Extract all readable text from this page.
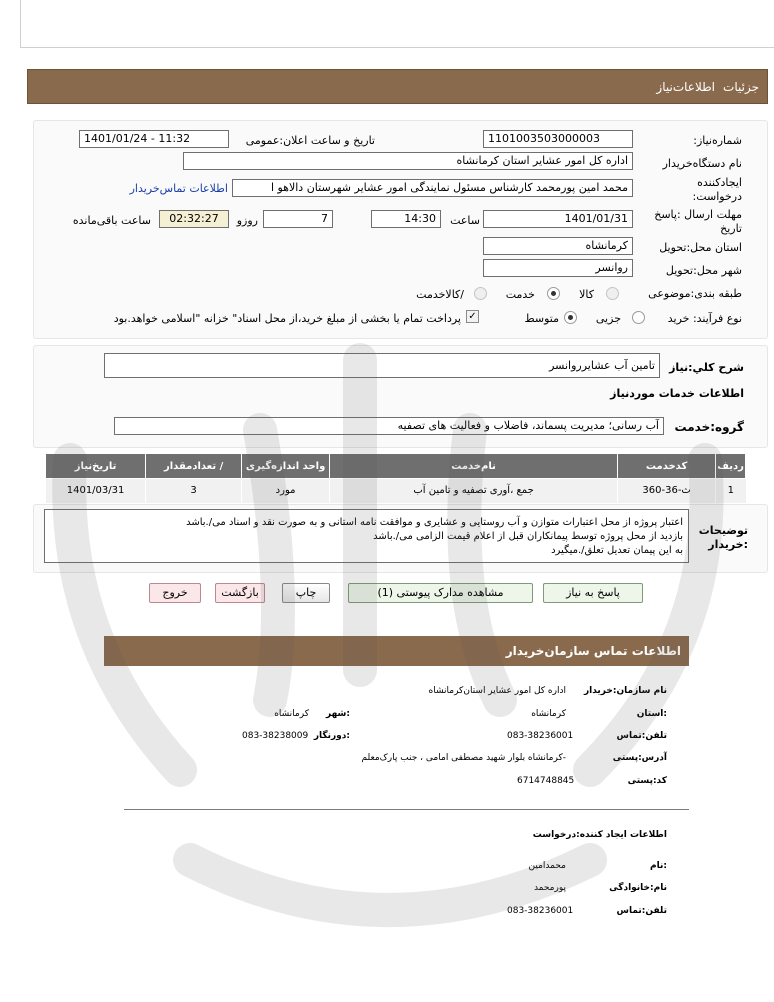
جزئیات
اطلاعات‌نیاز
شماره‌نیاز:
1101003503000003
تاریخ و ساعت اعلان:عمومی
1401/01/24 - 11:32
نام دستگاه‌خریدار
اداره کل امور عشایر استان کرمانشاه
ایجادکننده
درخواست:
محمد امین پورمحمد کارشناس مسئول نمایندگی امور عشایر شهرستان دالاهو ا
اطلاعات تماس‌خریدار
مهلت ارسال :پاسخ
تاریخ
1401/01/31
ساعت
14:30
7
روزو
02:32:27
ساعت باقی‌مانده
استان محل:تحویل
کرمانشاه
شهر محل:تحویل
روانسر
طبقه بندی:موضوعی
کالا
خدمت
/کالاخدمت
نوع فرآیند: خرید
جزیی
متوسط
✓
پرداخت تمام یا بخشی از مبلغ خرید،از محل اسناد" خزانه "اسلامی خواهد.بود
شرح کلي:نياز
تامین آب عشایرروانسر
اطلاعات خدمات موردنیاز
گروه:خدمت
آب رسانی؛ مدیریت پسماند، فاضلاب و فعالیت های تصفیه
ردیف	کدخدمت	نام‌خدمت	واحد اندازه‌گیری	/ تعدادمقدار	تاریخ‌نیاز
1	ث-36-360	جمع ،آوری تصفیه و تامین آب	مورد	3	1401/03/31
توضیحات
:خریدار
اعتبار پروژه از محل اعتبارات متوازن و آب روستایی و عشایری و موافقت نامه استانی و به صورت نقد و اسناد می/.باشد
بازدید از محل پروژه توسط پیمانکاران قبل از اعلام قیمت الزامی می/.باشد
به این پیمان تعدیل تعلق/.میگیرد
پاسخ به نیاز
مشاهده مدارک پیوستی (1)
چاپ
بازگشت
خروج
اطلاعات تماس سازمان‌خریدار
نام سازمان:خریدار
اداره کل امور عشایر استان‌کرمانشاه
:استان
کرمانشاه
:شهر
کرمانشاه
تلفن:تماس
083-38236001
:دورنگار
083-38238009
آدرس:پستی
-کرمانشاه بلوار شهید مصطفی امامی ، جنب پارک‌معلم
کد:پستی
6714748845
اطلاعات ایجاد کننده:درخواست
:نام
محمدامین
نام:خانوادگی
پورمحمد
تلفن:تماس
083-38236001
